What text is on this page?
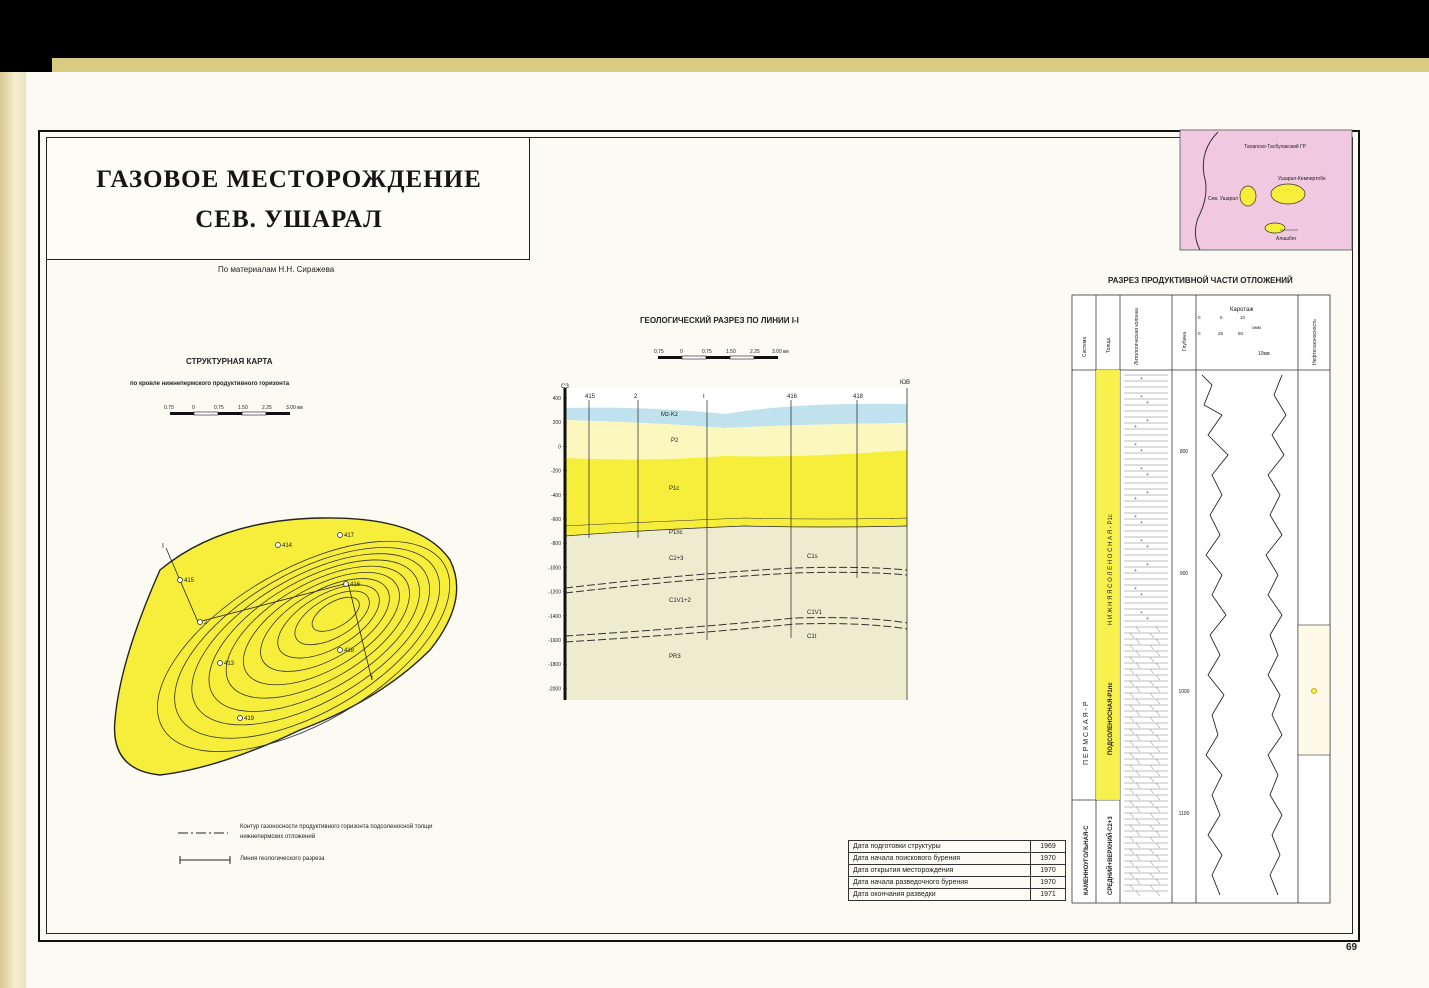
ГАЗОВОЕ МЕСТОРОЖДЕНИЕ
СЕВ. УШАРАЛ
По материалам Н.Н. Сиражева
Талапско-Тасбулакский ГР
Ушарал-Кемпиртобе
Сев. Ушарал
Алашбег
СТРУКТУРНАЯ КАРТА
по кровле нижнепермского продуктивного горизонта
0.75	0	0.75	1.50	2.25	3.00 км
I
I
414
417
416
415
2
413
418
419
ГЕОЛОГИЧЕСКИЙ РАЗРЕЗ ПО ЛИНИИ I-I
0.75	0	0.75	1.50	2.25 3.00 км
400
200
0
-200
-400
-600
-800
-1000
-1200
-1400
-1600
-1800
-2000
415	2	I	416	418
СЗ
ЮВ
Mz-Kz
P2
P1c
P1пс
C2+3	C1s
C1V1+2
C1V1
C1t
PR3
РАЗРЕЗ ПРОДУКТИВНОЙ ЧАСТИ ОТЛОЖЕНИЙ
+
+
+
+
+
+
+
+
+
+
+
+
+
+
+
+
+
+
+
+
+
0	5	10
0	25	50
омм
Система	Толща	Литологическая колонка	Глубина
Каротаж
Нефтегазоносность
10мв
800
900
1000
1100
П Е Р М С К А Я - Р
КАМЕННОУГОЛЬНАЯ-С
Н И Ж Н Я Я С О Л Е Н О С Н А Я - Р1с
ПОДСОЛЕНОСНАЯ-Р1пс
СРЕДНИЙ+ВЕРХНИЙ-С2+3
Контур газоносности продуктивного горизонта подсоленосной толщи нижнепермских отложений
Линия геологического разреза
Дата подготовки структуры	1969
Дата начала поискового бурения	1970
Дата открытия месторождения	1970
Дата начала разведочного бурения	1970
Дата окончания разведки	1971
69
